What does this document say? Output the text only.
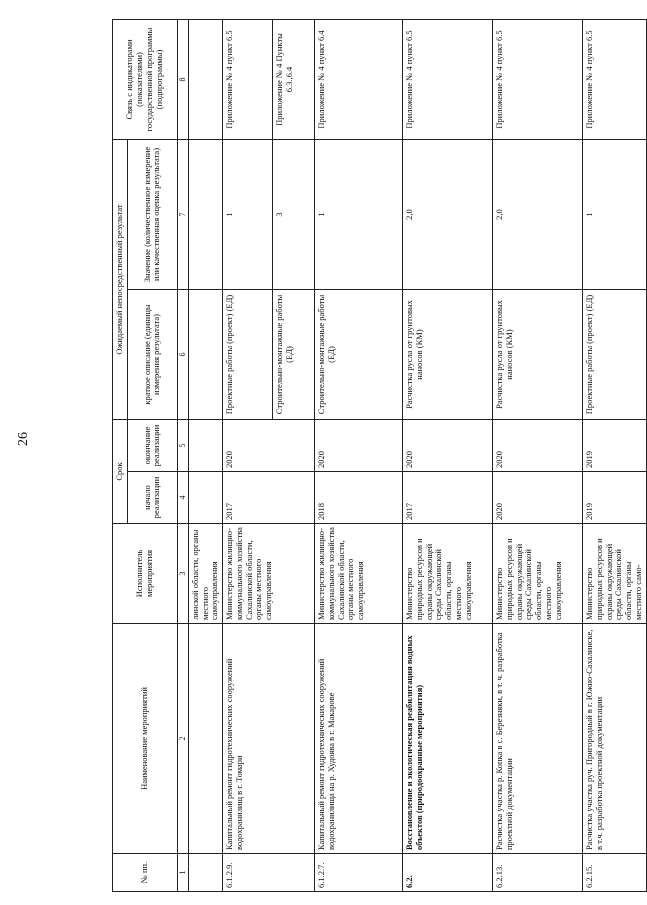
26
№ пп.	Наименование мероприятий	Исполнитель мероприятия	Срок		Ожидаемый непосредственный результат		Связь с индикаторами (показателями) государственной программы (подпрограммы)
			начало реализации	окончание реализации	краткое описание (единицы измерения результата)	Значение (количественное измерение или качественная оценка результата)	
1	2	3	4	5	6	7	8
		линской области, органы местного самоуправления					
6.1.2.9.	Капитальный ремонт гидротехнических сооружений водохранилищ в г. Томари	Министерство жилищно-коммунального хозяйства Сахалинской области, органы местного самоуправления	2017	2020	Проектные работы (проект) (ЕД)	1	Приложение № 4 пункт 6.5
					Строительно-монтажные работы (ЕД)	3	Приложение № 4 Пункты 6.3.,6.4
6.1.2.7.	Капитальный ремонт гидротехнических сооружений водохранилища на р. Худоява в г. Макарове	Министерство жилищно-коммунального хозяйства Сахалинской области, органы местного самоуправления	2018	2020	Строительно-монтажные работы (ЕД)	1	Приложение № 4 пункт 6.4
6.2.	Восстановление и экологическая реабилитация водных объектов (природоохранные мероприятия)	Министерство природных ресурсов и охраны окружающей среды Сахалинской области, органы местного самоуправления	2017	2020	Расчистка русла от грунтовых наносов (КМ)	2,0	Приложение № 4 пункт 6.5
6.2.13.	Расчистка участка р. Копка в с. Березняки, в т. ч. разработка проектной документации	Министерство природных ресурсов и охраны окружающей среды Сахалинской области, органы местного самоуправления	2020	2020	Расчистка русла от грунтовых наносов (КМ)	2,0	Приложение № 4 пункт 6.5
6.2.15.	Расчистка участка руч. Пригородный в г. Южно-Сахалинске, в т.ч. разработка проектной документации	Министерство природных ресурсов и охраны окружающей среды Сахалинской области, органы местного само-	2019	2019	Проектные работы (проект) (ЕД)	1	Приложение № 4 пункт 6.5
